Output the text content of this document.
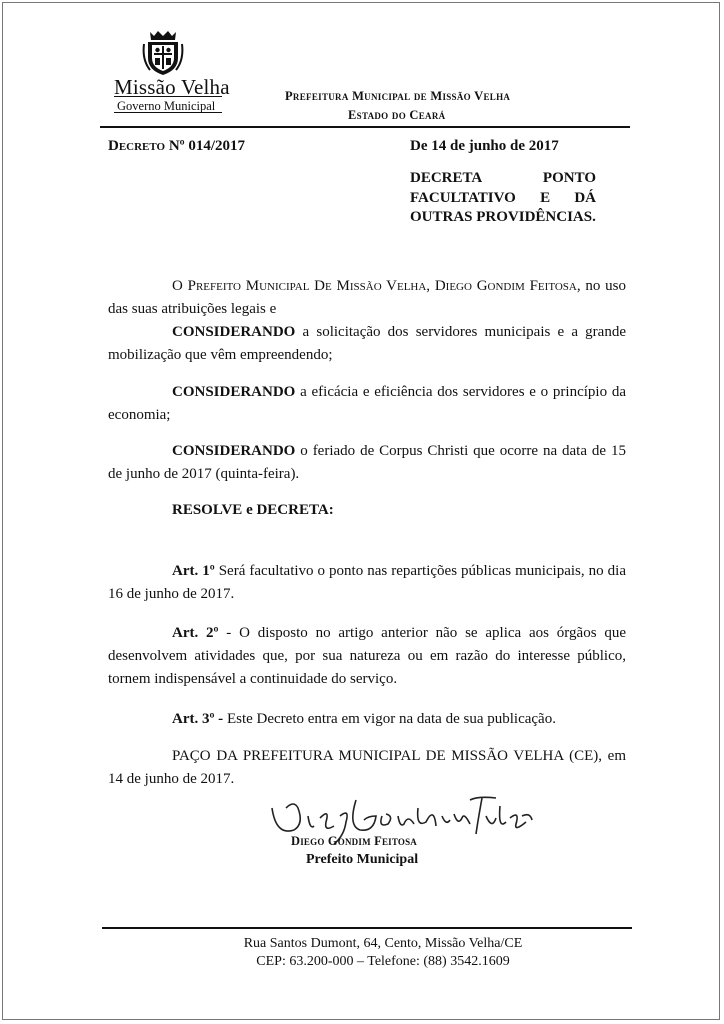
Missão Velha
Governo Municipal
Prefeitura Municipal de Missão Velha
Estado do Ceará
Decreto Nº 014/2017	De 14 de junho de 2017
DECRETA PONTO
FACULTATIVO E DÁ
OUTRAS PROVIDÊNCIAS.
O Prefeito Municipal De Missão Velha, Diego Gondim Feitosa, no uso das suas atribuições legais e
CONSIDERANDO a solicitação dos servidores municipais e a grande mobilização que vêm empreendendo;
CONSIDERANDO a eficácia e eficiência dos servidores e o princípio da economia;
CONSIDERANDO o feriado de Corpus Christi que ocorre na data de 15 de junho de 2017 (quinta-feira).
RESOLVE e DECRETA:
Art. 1º Será facultativo o ponto nas repartições públicas municipais, no dia 16 de junho de 2017.
Art. 2º - O disposto no artigo anterior não se aplica aos órgãos que desenvolvem atividades que, por sua natureza ou em razão do interesse público, tornem indispensável a continuidade do serviço.
Art. 3º - Este Decreto entra em vigor na data de sua publicação.
PAÇO DA PREFEITURA MUNICIPAL DE MISSÃO VELHA (CE), em 14 de junho de 2017.
Diego Gondim Feitosa
Prefeito Municipal
Rua Santos Dumont, 64, Cento, Missão Velha/CE
CEP: 63.200-000 – Telefone: (88) 3542.1609
